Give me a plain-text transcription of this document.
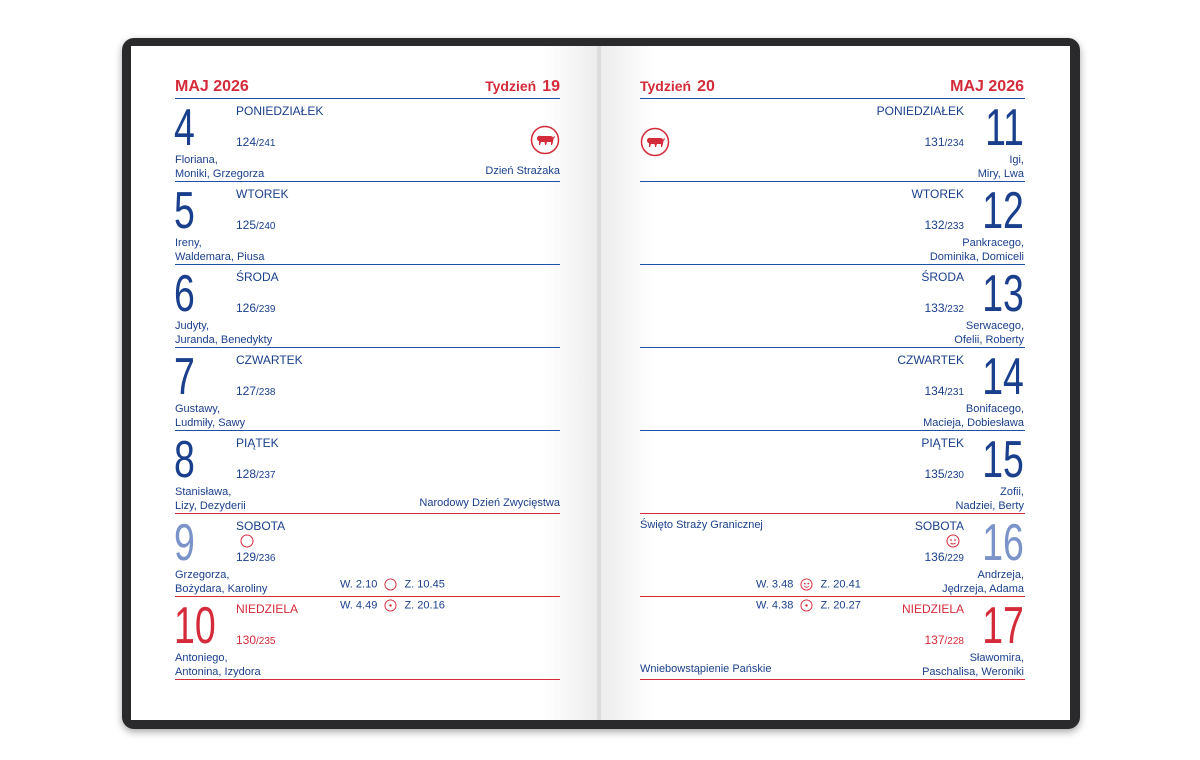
MAJ 2026	Tydzień 19	Tydzień 20	MAJ 2026
4	PONIEDZIAŁEK
124/241
Floriana,
Moniki, Grzegorza	Dzień Strażaka
5	WTOREK
125/240
Ireny,
Waldemara, Piusa
6	ŚRODA
126/239
Judyty,
Juranda, Benedykty
7	CZWARTEK
127/238
Gustawy,
Ludmiły, Sawy
8	PIĄTEK
128/237
Stanisława,
Lizy, Dezyderii	Narodowy Dzień Zwycięstwa
9	SOBOTA
129/236
Grzegorza,
Bożydara, Karoliny
10 NIEDZIELA
130/235
Antoniego,
Antonina, Izydora
11
PONIEDZIAŁEK
131/234
Igi,
Miry, Lwa
12
WTOREK
132/233
Pankracego,
Dominika, Domiceli
13
ŚRODA
133/232
Serwacego,
Ofelii, Roberty
14
CZWARTEK
134/231
Bonifacego,
Macieja, Dobiesława
15
PIĄTEK
135/230
Zofii,
Nadziei, Berty
16
SOBOTA
136/229
Andrzeja,
Jędrzeja, Adama
Święto Straży Granicznej
17
NIEDZIELA
137/228
Sławomira,
Paschalisa, Weroniki
Wniebowstąpienie Pańskie
W. 2.10 Z. 10.45
W. 4.49 Z. 20.16
W. 3.48 Z. 20.41
W. 4.38 Z. 20.27
